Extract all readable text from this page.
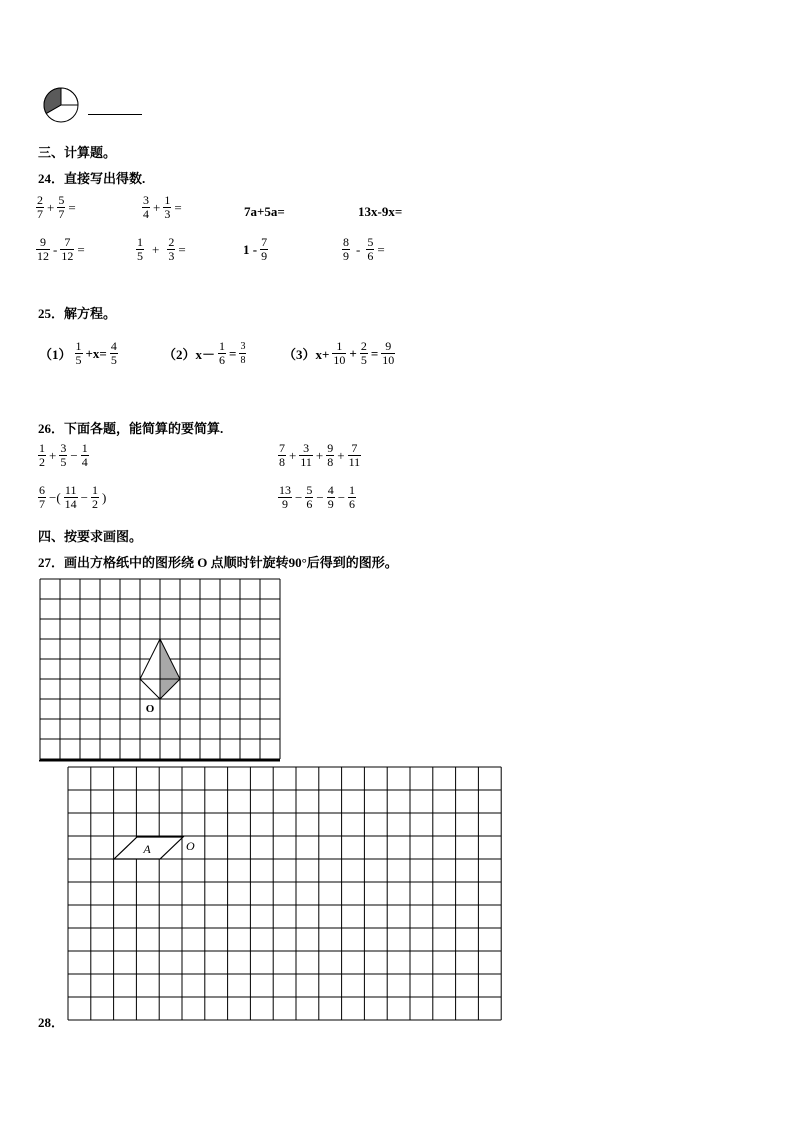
三、计算题。
24．直接写出得数.
$\frac{2}{7} + \frac{5}{7}$ =	$\frac{3}{4} + \frac{1}{3}$ =	7a+5a=	13x-9x=
$\frac{9}{12} - \frac{7}{12}$ =	$\frac{1}{5} + \frac{2}{3}$ =	$1 - \frac{7}{9}$	$\frac{8}{9} - \frac{5}{6}$ =
25．解方程。
$(1) \frac{1}{5} +x= \frac{4}{5}$	$(2)x- \frac{1}{6} = \frac{3}{8}$	$(3)x+ \frac{1}{10} + \frac{2}{5} = \frac{9}{10}$
26．下面各题，能简算的要简算.
$\frac{1}{2} + \frac{3}{5} - \frac{1}{4}$	$\frac{7}{8} + \frac{3}{11} + \frac{9}{8} + \frac{7}{11}$
$\frac{6}{7}$ −( $\frac{11}{14} - \frac{1}{2}$ )	$\frac{13}{9} - \frac{5}{6} - \frac{4}{9} - \frac{1}{6}$
四、按要求画图。
27．画出方格纸中的图形绕 O 点顺时针旋转90°后得到的图形。
O
A	O
28．
